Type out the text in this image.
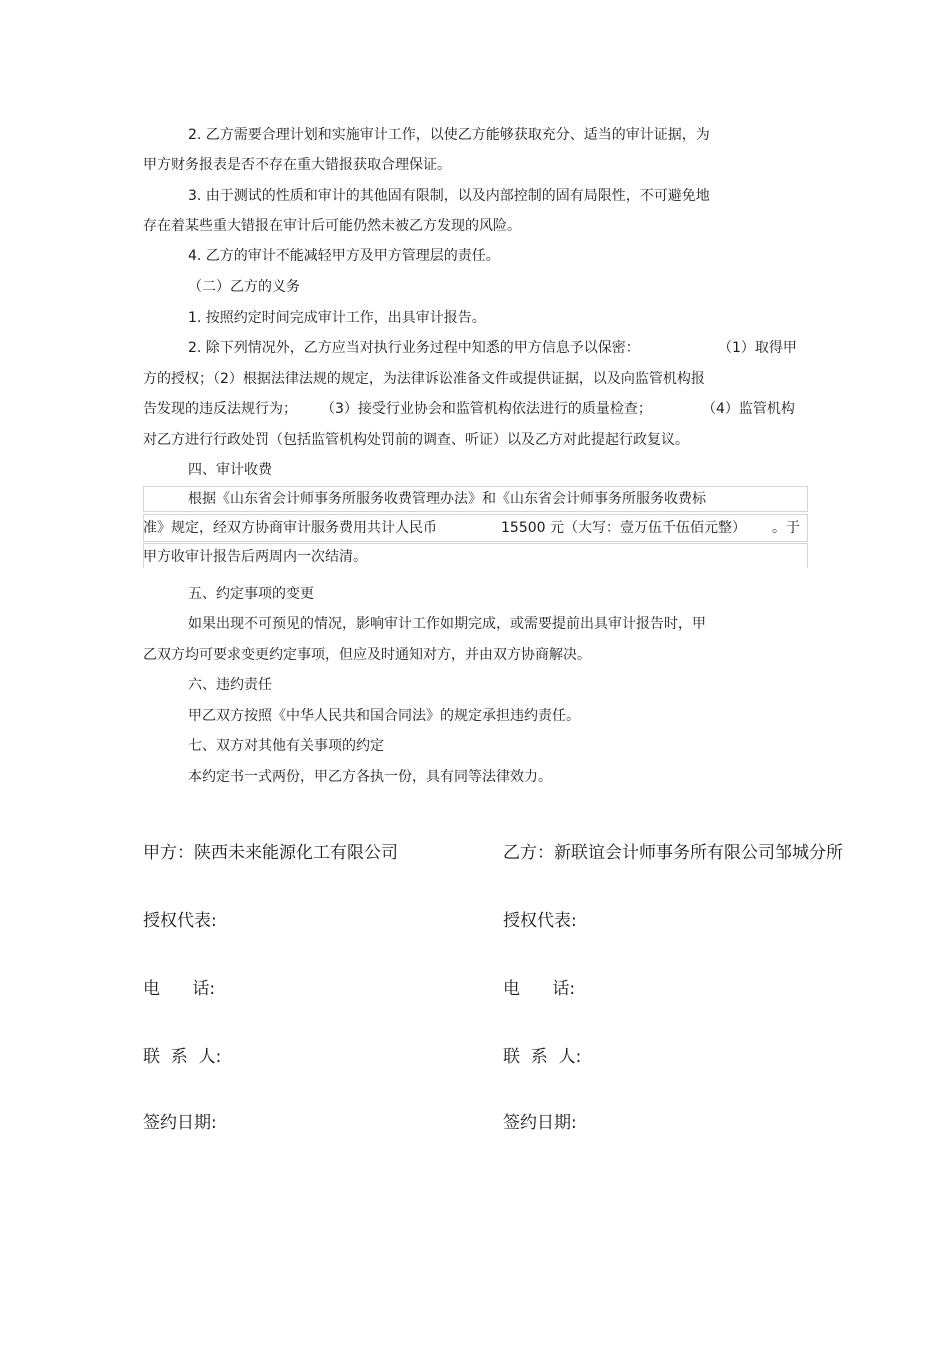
2. 乙方需要合理计划和实施审计工作，以使乙方能够获取充分、适当的审计证据，为
甲方财务报表是否不存在重大错报获取合理保证。
3. 由于测试的性质和审计的其他固有限制，以及内部控制的固有局限性，不可避免地
存在着某些重大错报在审计后可能仍然未被乙方发现的风险。
4. 乙方的审计不能减轻甲方及甲方管理层的责任。
（二）乙方的义务
1. 按照约定时间完成审计工作，出具审计报告。
2. 除下列情况外，乙方应当对执行业务过程中知悉的甲方信息予以保密：	（1）取得甲
方的授权；（2）根据法律法规的规定，为法律诉讼准备文件或提供证据，以及向监管机构报
告发现的违反法规行为； （3）接受行业协会和监管机构依法进行的质量检查；	（4）监管机构
对乙方进行行政处罚（包括监管机构处罚前的调查、听证）以及乙方对此提起行政复议。
四、审计收费
根据《山东省会计师事务所服务收费管理办法》和《山东省会计师事务所服务收费标
准》规定，经双方协商审计服务费用共计人民币	15500 元（大写：壹万伍千伍佰元整） 。于
甲方收审计报告后两周内一次结清。
五、约定事项的变更
如果出现不可预见的情况，影响审计工作如期完成，或需要提前出具审计报告时，甲
乙双方均可要求变更约定事项，但应及时通知对方，并由双方协商解决。
六、违约责任
甲乙双方按照《中华人民共和国合同法》的规定承担违约责任。
七、双方对其他有关事项的约定
本约定书一式两份，甲乙方各执一份，具有同等法律效力。
甲方：陕西未来能源化工有限公司	乙方：新联谊会计师事务所有限公司邹城分所
授权代表:	授权代表:
电      话:	电      话:
联  系  人:	联  系  人:
签约日期:	签约日期:
